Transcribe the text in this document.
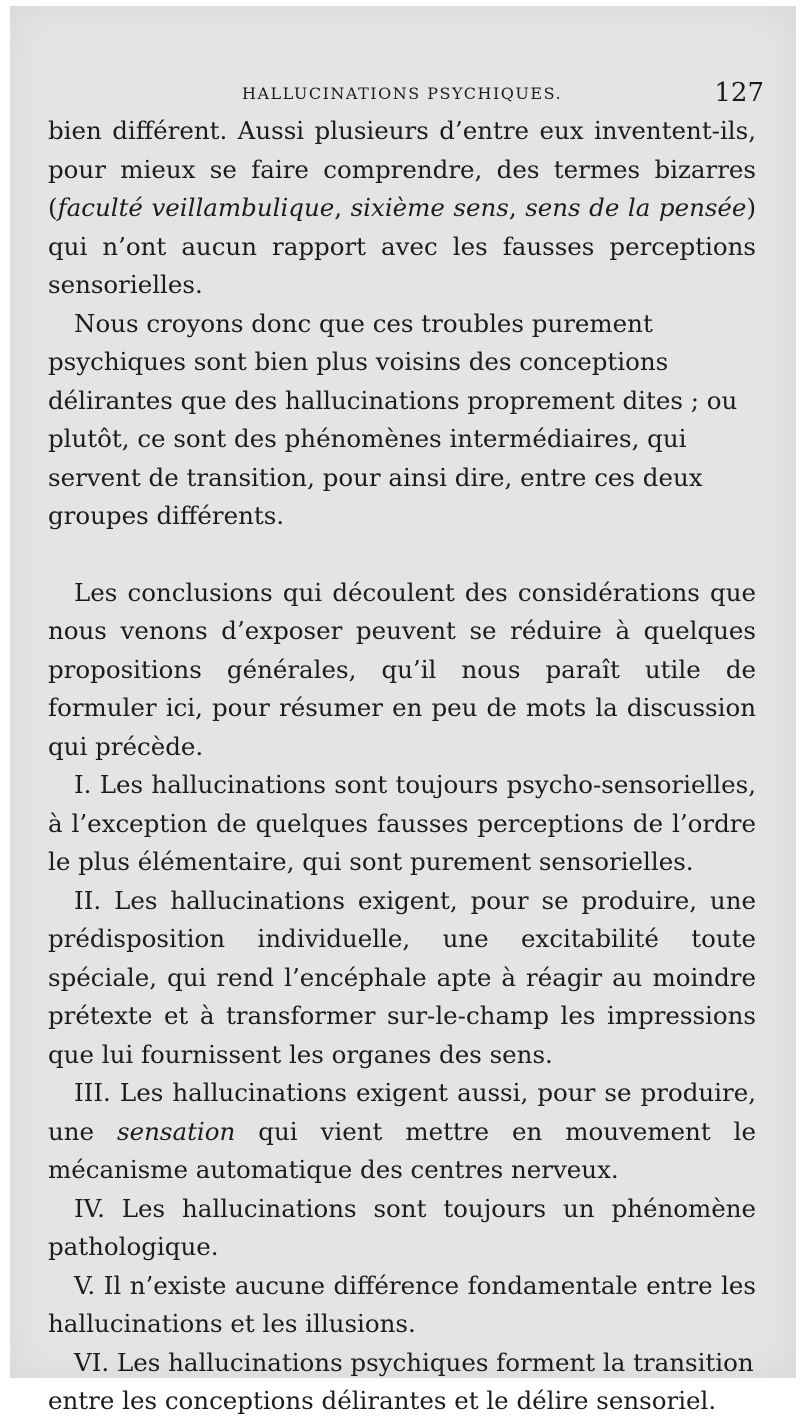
HALLUCINATIONS PSYCHIQUES.	127

bien différent. Aussi plusieurs d’entre eux inventent-ils, pour mieux se faire comprendre, des termes bizarres (faculté veillambulique, sixième sens, sens de la pensée) qui n’ont aucun rapport avec les fausses perceptions sensorielles.

Nous croyons donc que ces troubles purement psychiques sont bien plus voisins des conceptions délirantes que des hallucinations proprement dites ; ou plutôt, ce sont des phénomènes intermédiaires, qui servent de transition, pour ainsi dire, entre ces deux groupes différents.

Les conclusions qui découlent des considérations que nous venons d’exposer peuvent se réduire à quelques propositions générales, qu’il nous paraît utile de formuler ici, pour résumer en peu de mots la discussion qui précède.

I. Les hallucinations sont toujours psycho-sensorielles, à l’exception de quelques fausses perceptions de l’ordre le plus élémentaire, qui sont purement sensorielles.

II. Les hallucinations exigent, pour se produire, une prédisposition individuelle, une excitabilité toute spéciale, qui rend l’encéphale apte à réagir au moindre prétexte et à transformer sur-le-champ les impressions que lui fournissent les organes des sens.

III. Les hallucinations exigent aussi, pour se produire, une sensation qui vient mettre en mouvement le mécanisme automatique des centres nerveux.

IV. Les hallucinations sont toujours un phénomène pathologique.

V. Il n’existe aucune différence fondamentale entre les hallucinations et les illusions.

VI. Les hallucinations psychiques forment la transition entre les conceptions délirantes et le délire sensoriel.
